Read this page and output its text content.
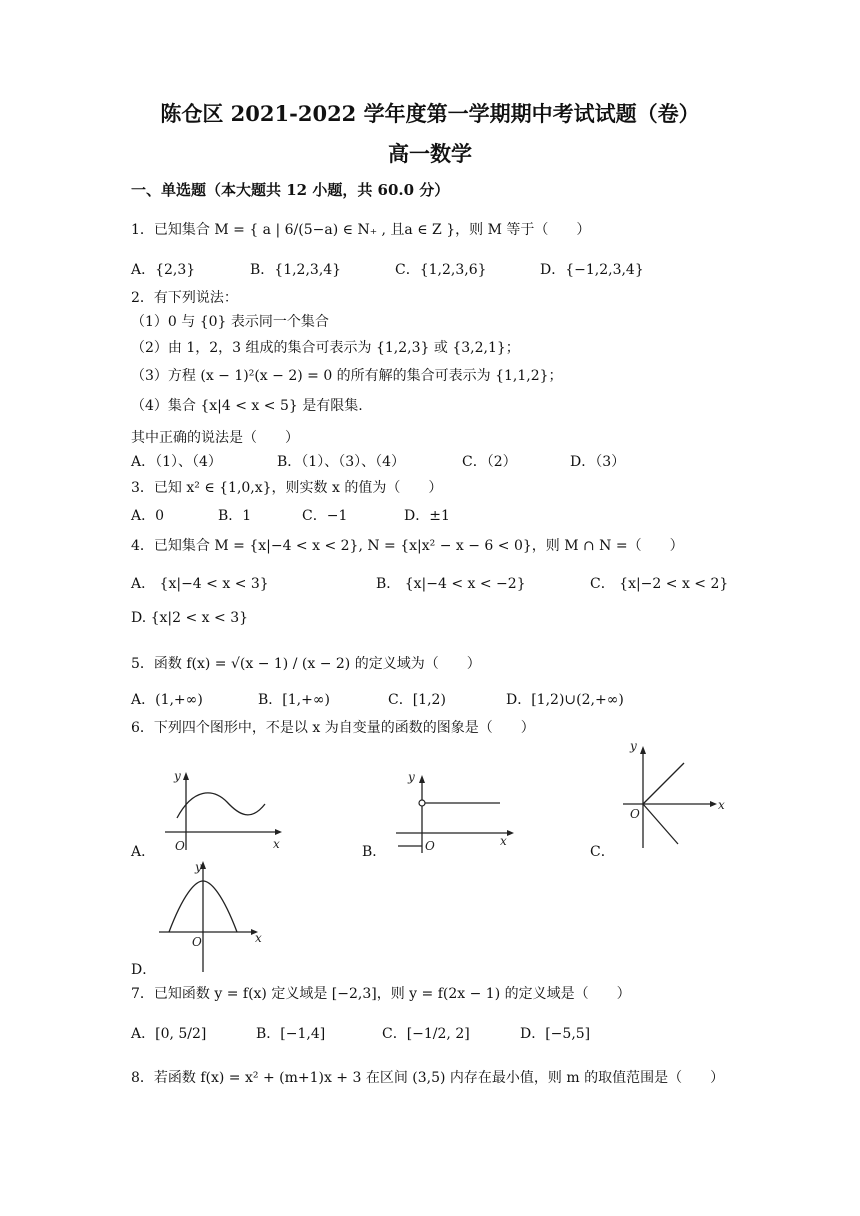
陈仓区 2021-2022 学年度第一学期期中考试试题（卷）
高一数学
一、单选题（本大题共 12 小题，共 60.0 分）
1．已知集合 M = { a | 6/(5−a) ∈ N₊ , 且a ∈ Z }，则 M 等于（　　）
A．{2,3}	B．{1,2,3,4}	C．{1,2,3,6}	D．{−1,2,3,4}
2．有下列说法：
（1）0 与 {0} 表示同一个集合
（2）由 1，2，3 组成的集合可表示为 {1,2,3} 或 {3,2,1}；
（3）方程 (x − 1)²(x − 2) = 0 的所有解的集合可表示为 {1,1,2}；
（4）集合 {x|4 < x < 5} 是有限集.
其中正确的说法是（　　）
A．（1）、（4）	B．（1）、（3）、（4）	C．（2）	D．（3）
3．已知 x² ∈ {1,0,x}，则实数 x 的值为（　　）
A．0	B．1	C．−1	D．±1
4．已知集合 M = {x|−4 < x < 2}, N = {x|x² − x − 6 < 0}，则 M ∩ N =（　　）
A． {x|−4 < x < 3}	B． {x|−4 < x < −2}	C． {x|−2 < x < 2}
D. {x|2 < x < 3}
5．函数 f(x) = √(x − 1) / (x − 2) 的定义域为（　　）
A．(1,+∞)	B．[1,+∞)	C．[1,2)	D．[1,2)∪(2,+∞)
6．下列四个图形中，不是以 x 为自变量的函数的图象是（　　）
A．
y
x
O	B．
y
x
O	C．
y
x
O
D．
y
x
O
7．已知函数 y = f(x) 定义域是 [−2,3]，则 y = f(2x − 1) 的定义域是（　　）
A．[0, 5/2]	B．[−1,4]	C．[−1/2, 2]	D．[−5,5]
8．若函数 f(x) = x² + (m+1)x + 3 在区间 (3,5) 内存在最小值，则 m 的取值范围是（　　）
